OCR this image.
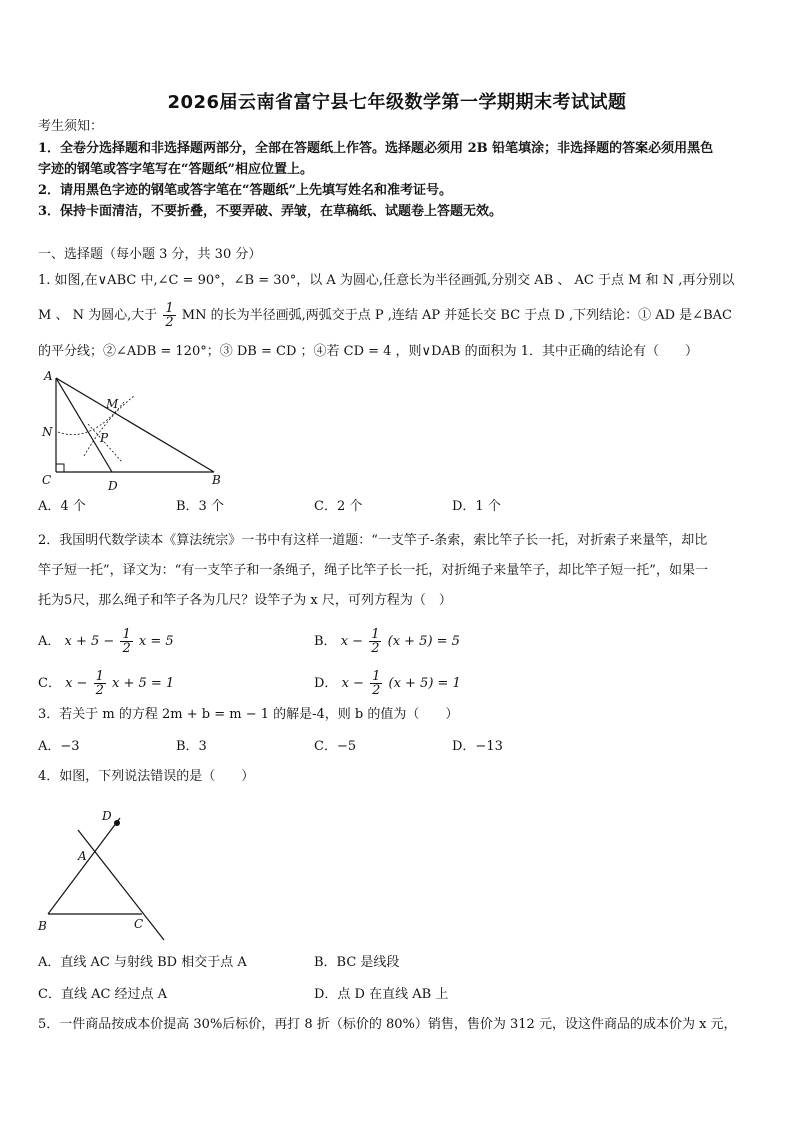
2026届云南省富宁县七年级数学第一学期期末考试试题
考生须知：
1．全卷分选择题和非选择题两部分，全部在答题纸上作答。选择题必须用 2B 铅笔填涂；非选择题的答案必须用黑色
字迹的钢笔或答字笔写在“答题纸”相应位置上。
2．请用黑色字迹的钢笔或答字笔在“答题纸”上先填写姓名和准考证号。
3．保持卡面清洁，不要折叠，不要弄破、弄皱，在草稿纸、试题卷上答题无效。
一、选择题（每小题 3 分，共 30 分）
1. 如图,在∨ABC 中,∠C = 90°，∠B = 30°，以 A 为圆心,任意长为半径画弧,分别交 AB 、 AC 于点 M 和 N ,再分别以
M 、 N 为圆心,大于 $\frac{1}{2}$ MN 的长为半径画弧,两弧交于点 P ,连结 AP 并延长交 BC 于点 D ,下列结论：① AD 是∠BAC
的平分线；②∠ADB = 120°；③ DB = CD ；④若 CD = 4 ，则∨DAB 的面积为 1．其中正确的结论有（　　）
A
C	B
D
M
N	P
A．4 个	B．3 个	C．2 个	D．1 个
2．我国明代数学读本《算法统宗》一书中有这样一道题：“一支竿子-条索，索比竿子长一托，对折索子来量竿，却比
竿子短一托”，译文为：“有一支竿子和一条绳子，绳子比竿子长一托，对折绳子来量竿子，却比竿子短一托”，如果一
托为5尺，那么绳子和竿子各为几尺？设竿子为 x 尺，可列方程为（　）
A． $x + 5 - \frac{1}{2}$ x = 5	B． $x - \frac{1}{2} (x + 5) = 5$
C． $x - \frac{1}{2}$ x + 5 = 1	D． $x - \frac{1}{2} (x + 5) = 1$
3．若关于 m 的方程 2m + b = m − 1 的解是-4，则 b 的值为（　　）
A．−3	B．3	C．−5	D．−13
4．如图，下列说法错误的是（　　）
D
A
B	C
A．直线 AC 与射线 BD 相交于点 A	B．BC 是线段
C．直线 AC 经过点 A	D．点 D 在直线 AB 上
5．一件商品按成本价提高 30%后标价，再打 8 折（标价的 80%）销售，售价为 312 元，设这件商品的成本价为 x 元，
